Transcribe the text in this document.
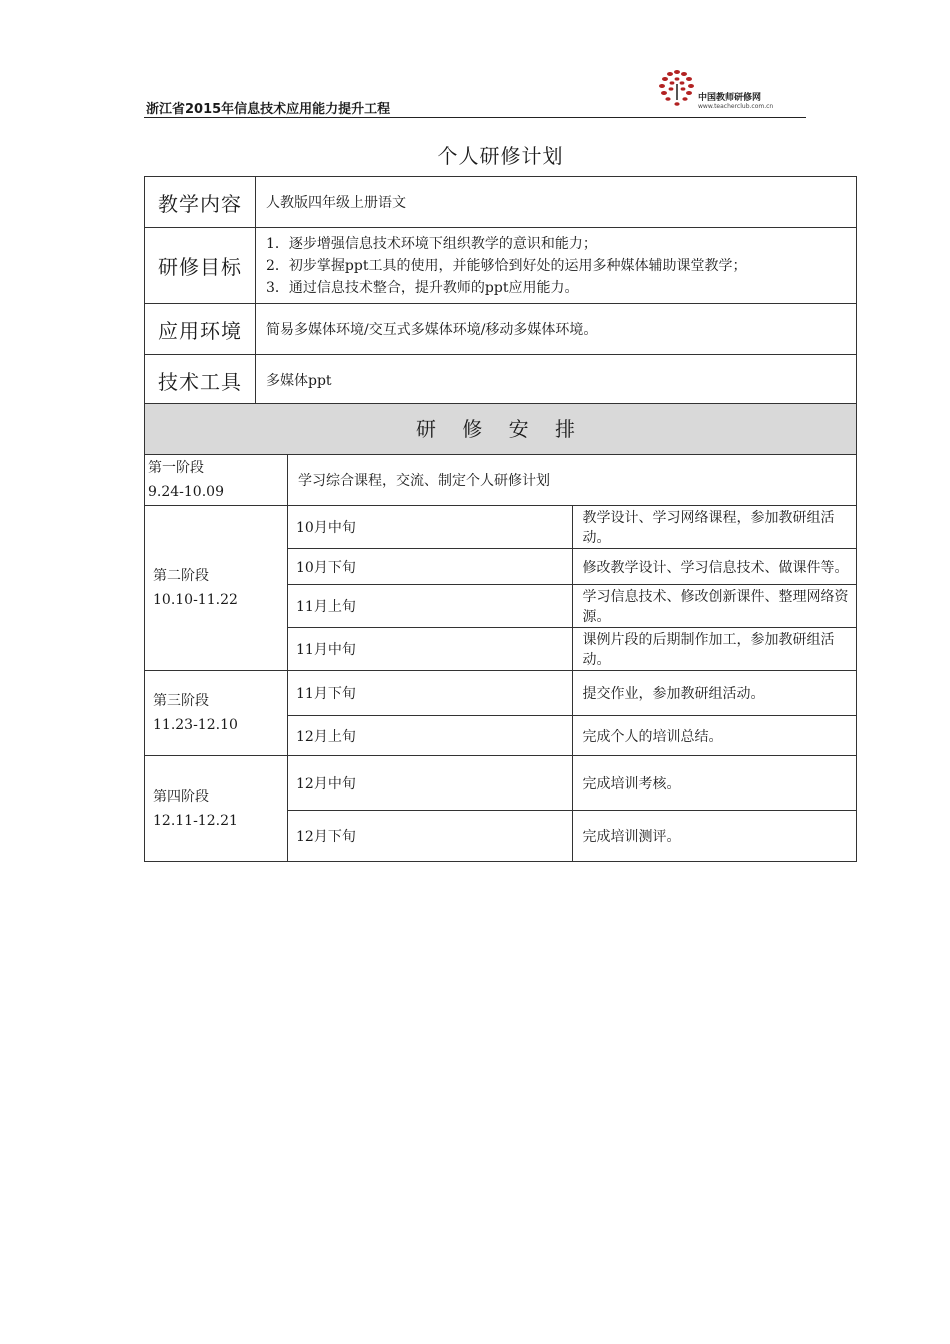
浙江省2015年信息技术应用能力提升工程
中国教师研修网
www.teacherclub.com.cn
个人研修计划
教学内容	人教版四年级上册语文
研修目标	1．逐步增强信息技术环境下组织教学的意识和能力；
2．初步掌握ppt工具的使用，并能够恰到好处的运用多种媒体辅助课堂教学；
3．通过信息技术整合，提升教师的ppt应用能力。

应用环境	简易多媒体环境/交互式多媒体环境/移动多媒体环境。
技术工具	多媒体ppt
研 修 安 排
第一阶段
9.24-10.09	学习综合课程，交流、制定个人研修计划	

第二阶段
10.10-11.22	10月中旬	教学设计、学习网络课程，参加教研组活动。
	10月下旬	修改教学设计、学习信息技术、做课件等。
	11月上旬	学习信息技术、修改创新课件、整理网络资源。
	11月中旬	课例片段的后期制作加工，参加教研组活动。

第三阶段
11.23-12.10	11月下旬	提交作业，参加教研组活动。
	12月上旬	完成个人的培训总结。

第四阶段
12.11-12.21	12月中旬	完成培训考核。
	12月下旬	完成培训测评。
